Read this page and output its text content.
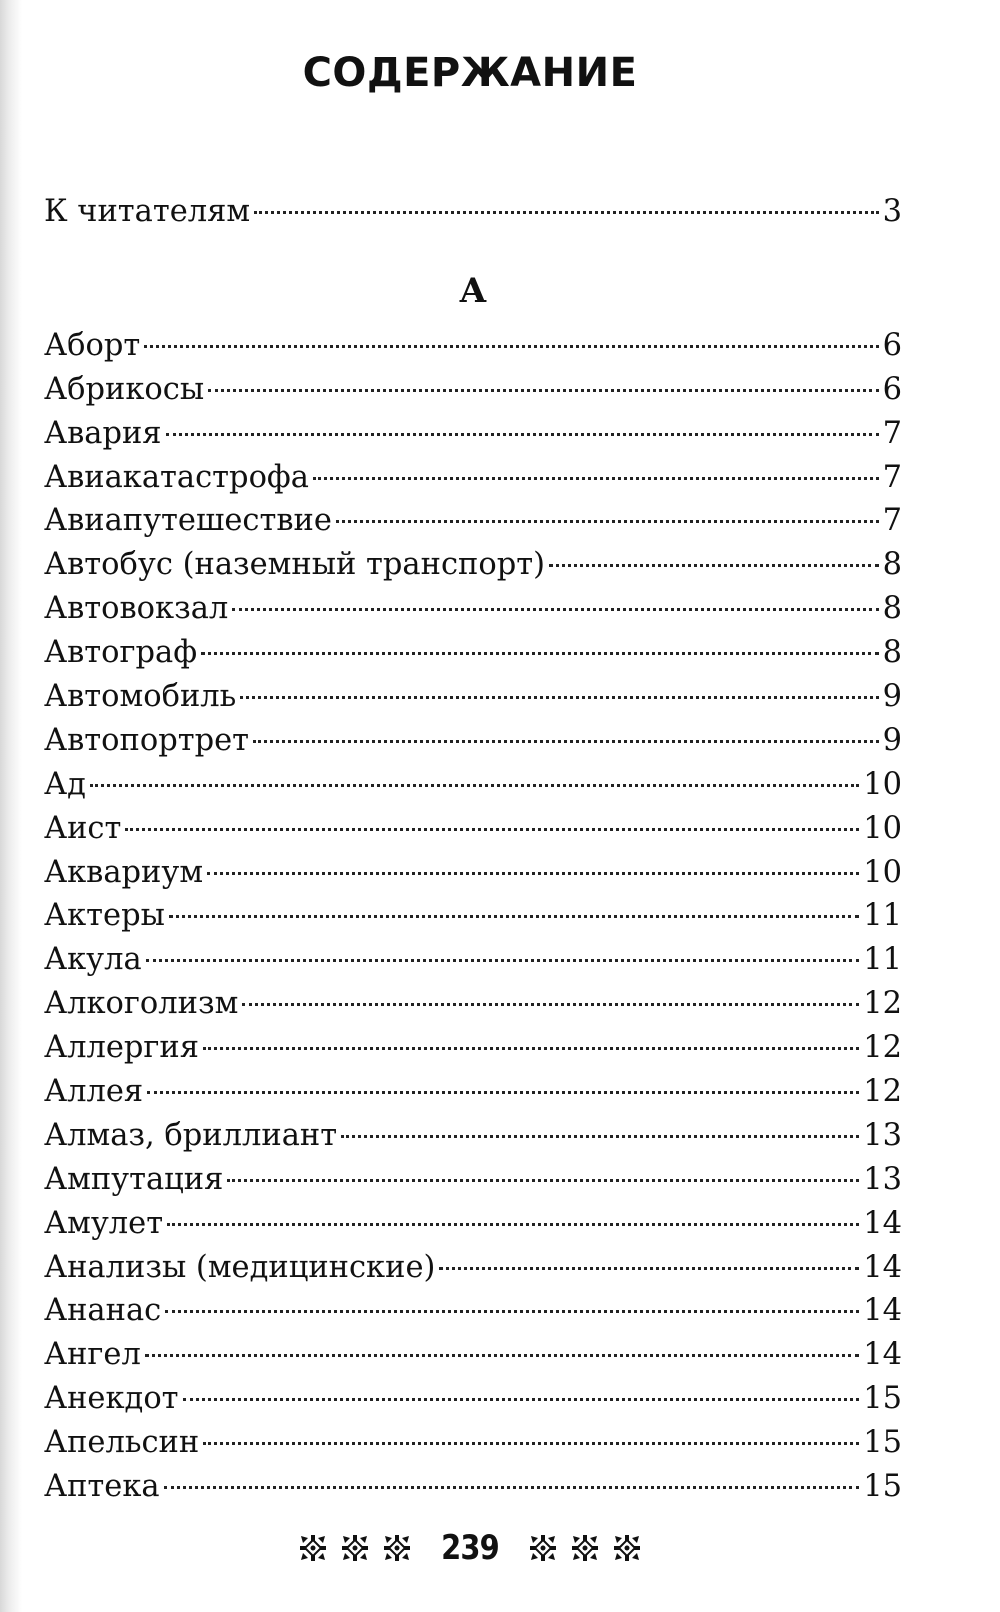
СОДЕРЖАНИЕ
К читателям	3
А
Аборт	6
Абрикосы	6
Авария	7
Авиакатастрофа	7
Авиапутешествие	7
Автобус (наземный транспорт)	8
Автовокзал	8
Автограф	8
Автомобиль	9
Автопортрет	9
Ад	10
Аист	10
Аквариум	10
Актеры	11
Акула	11
Алкоголизм	12
Аллергия	12
Аллея	12
Алмаз, бриллиант	13
Ампутация	13
Амулет	14
Анализы (медицинские)	14
Ананас	14
Ангел	14
Анекдот	15
Апельсин	15
Аптека	15
239
